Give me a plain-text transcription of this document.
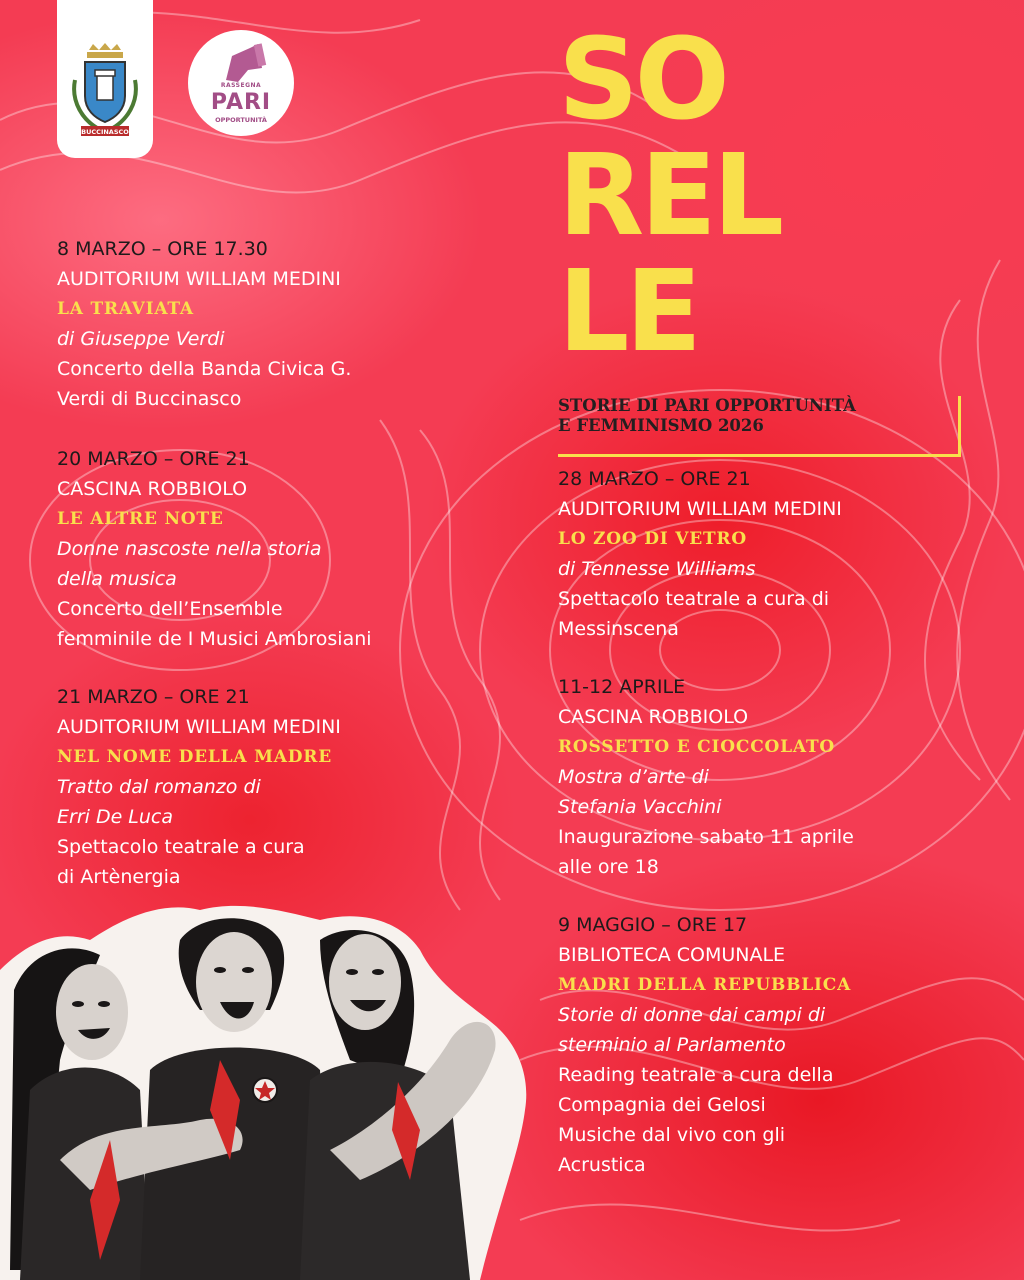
BUCCINASCO
RASSEGNA
PARI
OPPORTUNITÀ	SO
REL
LE
STORIE DI PARI OPPORTUNITÀ
E FEMMINISMO 2026
8 MARZO – ORE 17.30
AUDITORIUM WILLIAM MEDINI
LA TRAVIATA
di Giuseppe Verdi
Concerto della Banda Civica G.
Verdi di Buccinasco
20 MARZO – ORE 21
CASCINA ROBBIOLO
LE ALTRE NOTE
Donne nascoste nella storia
della musica
Concerto dell’Ensemble
femminile de I Musici Ambrosiani
21 MARZO – ORE 21
AUDITORIUM WILLIAM MEDINI
NEL NOME DELLA MADRE
Tratto dal romanzo di
Erri De Luca
Spettacolo teatrale a cura
di Artènergia
28 MARZO – ORE 21
AUDITORIUM WILLIAM MEDINI
LO ZOO DI VETRO
di Tennesse Williams
Spettacolo teatrale a cura di
Messinscena
11-12 APRILE
CASCINA ROBBIOLO
ROSSETTO E CIOCCOLATO
Mostra d’arte di
Stefania Vacchini
Inaugurazione sabato 11 aprile
alle ore 18
9 MAGGIO – ORE 17
BIBLIOTECA COMUNALE
MADRI DELLA REPUBBLICA
Storie di donne dai campi di
sterminio al Parlamento
Reading teatrale a cura della
Compagnia dei Gelosi
Musiche dal vivo con gli
Acrustica
